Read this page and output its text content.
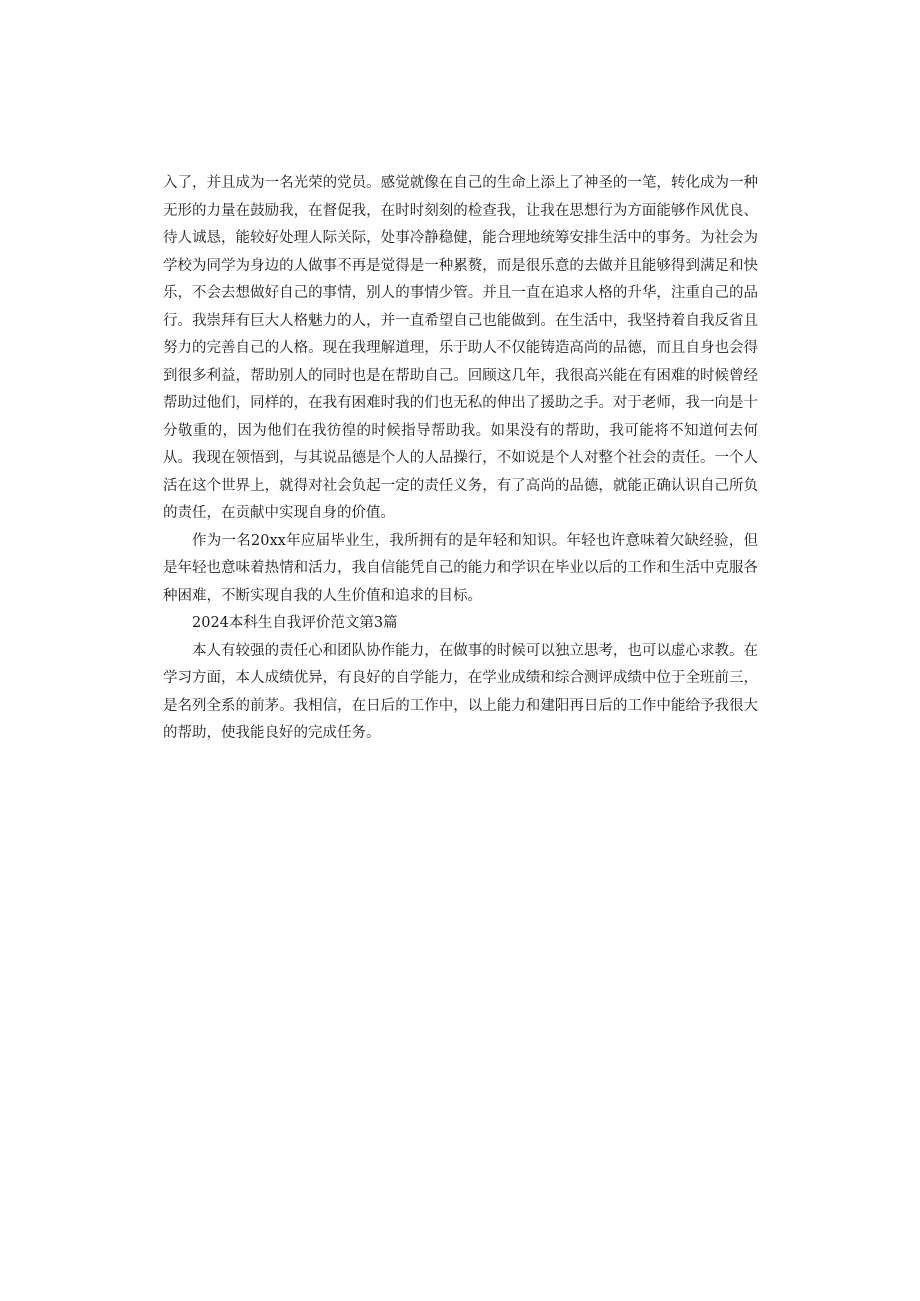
入了，并且成为一名光荣的党员。感觉就像在自己的生命上添上了神圣的一笔，转化成为一种无形的力量在鼓励我，在督促我，在时时刻刻的检查我，让我在思想行为方面能够作风优良、待人诚恳，能较好处理人际关际，处事冷静稳健，能合理地统筹安排生活中的事务。为社会为学校为同学为身边的人做事不再是觉得是一种累赘，而是很乐意的去做并且能够得到满足和快乐，不会去想做好自己的事情，别人的事情少管。并且一直在追求人格的升华，注重自己的品行。我崇拜有巨大人格魅力的人，并一直希望自己也能做到。在生活中，我坚持着自我反省且努力的完善自己的人格。现在我理解道理，乐于助人不仅能铸造高尚的品德，而且自身也会得到很多利益，帮助别人的同时也是在帮助自己。回顾这几年，我很高兴能在有困难的时候曾经帮助过他们，同样的，在我有困难时我的们也无私的伸出了援助之手。对于老师，我一向是十分敬重的，因为他们在我彷徨的时候指导帮助我。如果没有的帮助，我可能将不知道何去何从。我现在领悟到，与其说品德是个人的人品操行，不如说是个人对整个社会的责任。一个人活在这个世界上，就得对社会负起一定的责任义务，有了高尚的品德，就能正确认识自己所负的责任，在贡献中实现自身的价值。

作为一名20xx年应届毕业生，我所拥有的是年轻和知识。年轻也许意味着欠缺经验，但是年轻也意味着热情和活力，我自信能凭自己的能力和学识在毕业以后的工作和生活中克服各种困难，不断实现自我的人生价值和追求的目标。

2024本科生自我评价范文第3篇

本人有较强的责任心和团队协作能力，在做事的时候可以独立思考，也可以虚心求教。在学习方面，本人成绩优异，有良好的自学能力，在学业成绩和综合测评成绩中位于全班前三，是名列全系的前茅。我相信，在日后的工作中，以上能力和建阳再日后的工作中能给予我很大的帮助，使我能良好的完成任务。
